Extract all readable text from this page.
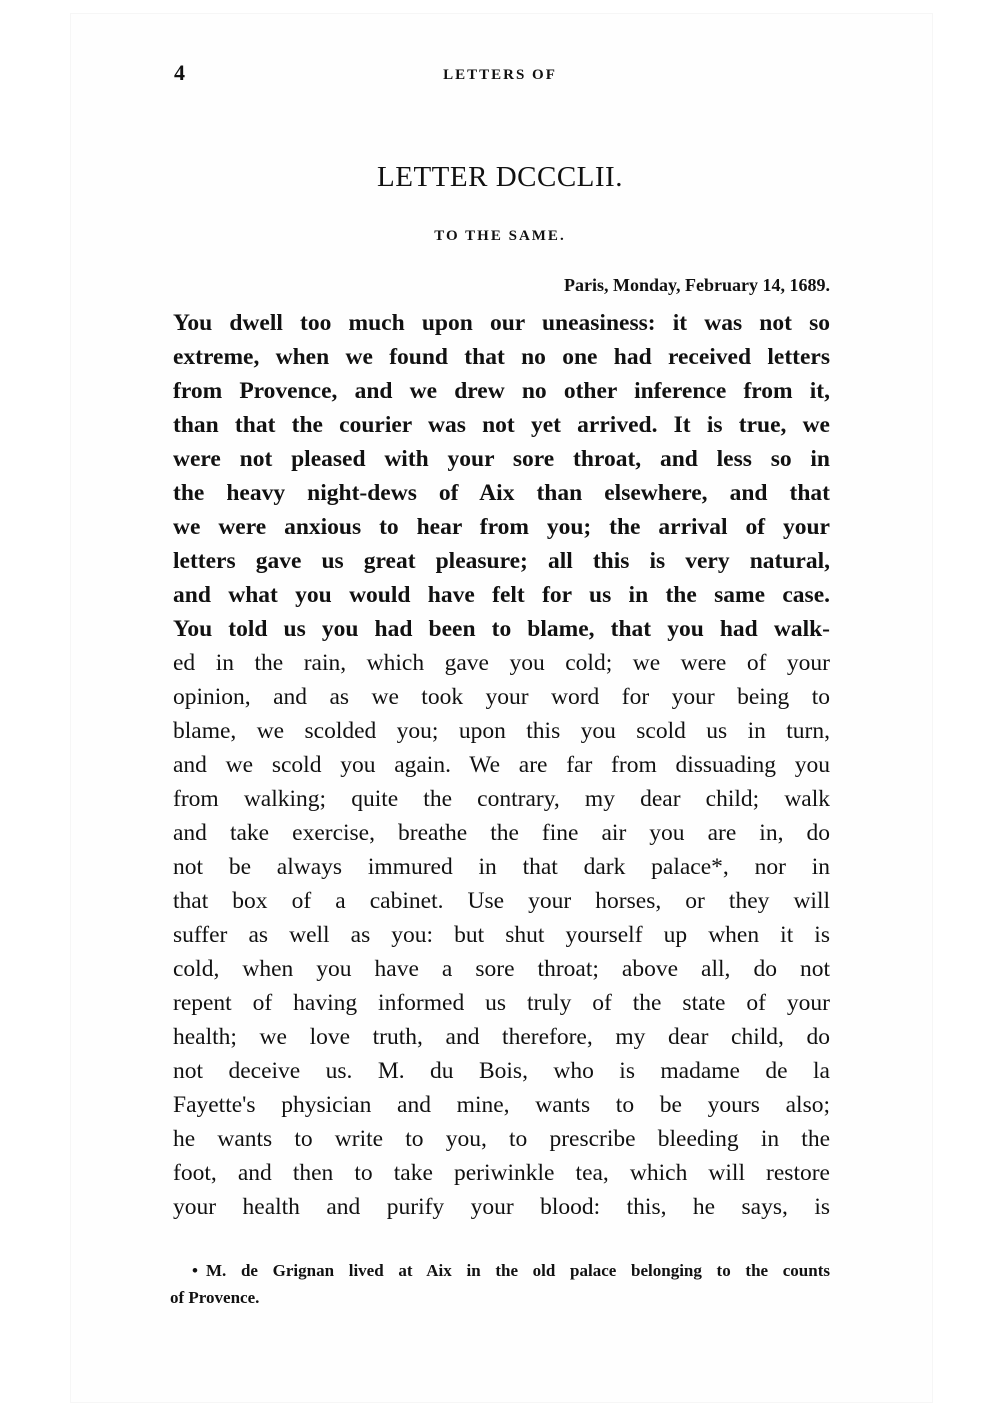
4	LETTERS OF
LETTER DCCCLII.
TO THE SAME.
Paris, Monday, February 14, 1689.
You dwell too much upon our uneasiness: it was not so
extreme, when we found that no one had received letters
from Provence, and we drew no other inference from it,
than that the courier was not yet arrived. It is true, we
were not pleased with your sore throat, and less so in
the heavy night-dews of Aix than elsewhere, and that
we were anxious to hear from you; the arrival of your
letters gave us great pleasure; all this is very natural,
and what you would have felt for us in the same case.
You told us you had been to blame, that you had walk-
ed in the rain, which gave you cold; we were of your
opinion, and as we took your word for your being to
blame, we scolded you; upon this you scold us in turn,
and we scold you again. We are far from dissuading you
from walking; quite the contrary, my dear child; walk
and take exercise, breathe the fine air you are in, do
not be always immured in that dark palace*, nor in
that box of a cabinet. Use your horses, or they will
suffer as well as you: but shut yourself up when it is
cold, when you have a sore throat; above all, do not
repent of having informed us truly of the state of your
health; we love truth, and therefore, my dear child, do
not deceive us. M. du Bois, who is madame de la
Fayette's physician and mine, wants to be yours also;
he wants to write to you, to prescribe bleeding in the
foot, and then to take periwinkle tea, which will restore
your health and purify your blood: this, he says, is
• M. de Grignan lived at Aix in the old palace belonging to the counts
of Provence.
